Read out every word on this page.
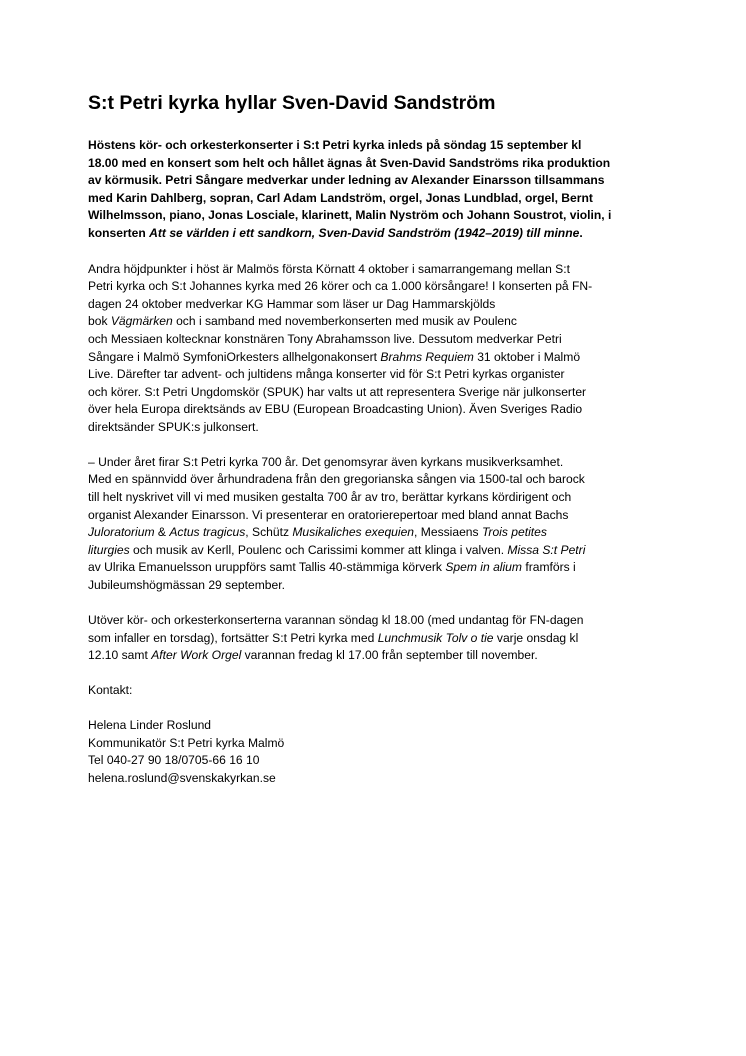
S:t Petri kyrka hyllar Sven-David Sandström

Höstens kör- och orkesterkonserter i S:t Petri kyrka inleds på söndag 15 september kl
18.00 med en konsert som helt och hållet ägnas åt Sven-David Sandströms rika produktion
av körmusik. Petri Sångare medverkar under ledning av Alexander Einarsson tillsammans
med Karin Dahlberg, sopran, Carl Adam Landström, orgel, Jonas Lundblad, orgel, Bernt
Wilhelmsson, piano, Jonas Losciale, klarinett, Malin Nyström och Johann Soustrot, violin, i
konserten Att se världen i ett sandkorn, Sven-David Sandström (1942–2019) till minne.

Andra höjdpunkter i höst är Malmös första Körnatt 4 oktober i samarrangemang mellan S:t
Petri kyrka och S:t Johannes kyrka med 26 körer och ca 1.000 körsångare! I konserten på FN-
dagen 24 oktober medverkar KG Hammar som läser ur Dag Hammarskjölds
bok Vägmärken och i samband med novemberkonserten med musik av Poulenc
och Messiaen koltecknar konstnären Tony Abrahamsson live. Dessutom medverkar Petri
Sångare i Malmö SymfoniOrkesters allhelgonakonsert Brahms Requiem 31 oktober i Malmö
Live. Därefter tar advent- och jultidens många konserter vid för S:t Petri kyrkas organister
och körer. S:t Petri Ungdomskör (SPUK) har valts ut att representera Sverige när julkonserter
över hela Europa direktsänds av EBU (European Broadcasting Union). Även Sveriges Radio
direktsänder SPUK:s julkonsert.

– Under året firar S:t Petri kyrka 700 år. Det genomsyrar även kyrkans musikverksamhet.
Med en spännvidd över århundradena från den gregorianska sången via 1500-tal och barock
till helt nyskrivet vill vi med musiken gestalta 700 år av tro, berättar kyrkans kördirigent och
organist Alexander Einarsson. Vi presenterar en oratorierepertoar med bland annat Bachs
Juloratorium & Actus tragicus, Schütz Musikaliches exequien, Messiaens Trois petites
liturgies och musik av Kerll, Poulenc och Carissimi kommer att klinga i valven. Missa S:t Petri
av Ulrika Emanuelsson uruppförs samt Tallis 40-stämmiga körverk Spem in alium framförs i
Jubileumshögmässan 29 september.

Utöver kör- och orkesterkonserterna varannan söndag kl 18.00 (med undantag för FN-dagen
som infaller en torsdag), fortsätter S:t Petri kyrka med Lunchmusik Tolv o tie varje onsdag kl
12.10 samt After Work Orgel varannan fredag kl 17.00 från september till november.

Kontakt:

Helena Linder Roslund
Kommunikatör S:t Petri kyrka Malmö
Tel 040-27 90 18/0705-66 16 10
helena.roslund@svenskakyrkan.se
